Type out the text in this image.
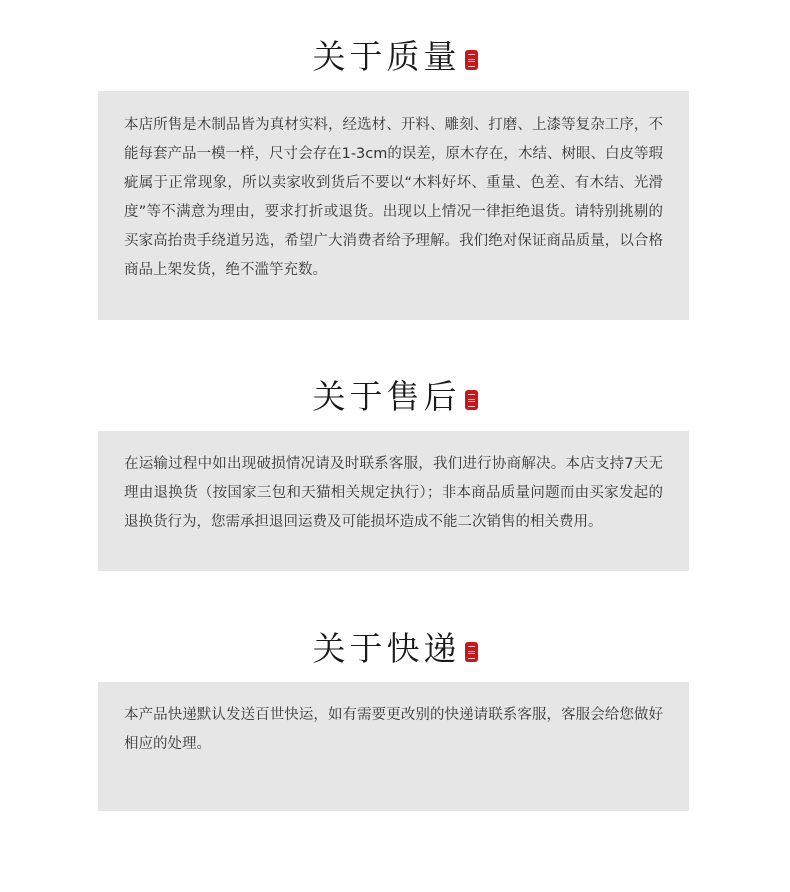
关于质量

本店所售是木制品皆为真材实料，经选材、开料、雕刻、打磨、上漆等复杂工序，不能每套产品一模一样，尺寸会存在1-3cm的误差，原木存在，木结、树眼、白皮等瑕疵属于正常现象，所以卖家收到货后不要以“木料好坏、重量、色差、有木结、光滑度”等不满意为理由，要求打折或退货。出现以上情况一律拒绝退货。请特别挑剔的买家高抬贵手绕道另选，希望广大消费者给予理解。我们绝对保证商品质量，以合格商品上架发货，绝不滥竽充数。

关于售后

在运输过程中如出现破损情况请及时联系客服，我们进行协商解决。本店支持7天无理由退换货（按国家三包和天猫相关规定执行）；非本商品质量问题而由买家发起的退换货行为，您需承担退回运费及可能损坏造成不能二次销售的相关费用。

关于快递

本产品快递默认发送百世快运，如有需要更改别的快递请联系客服，客服会给您做好相应的处理。
